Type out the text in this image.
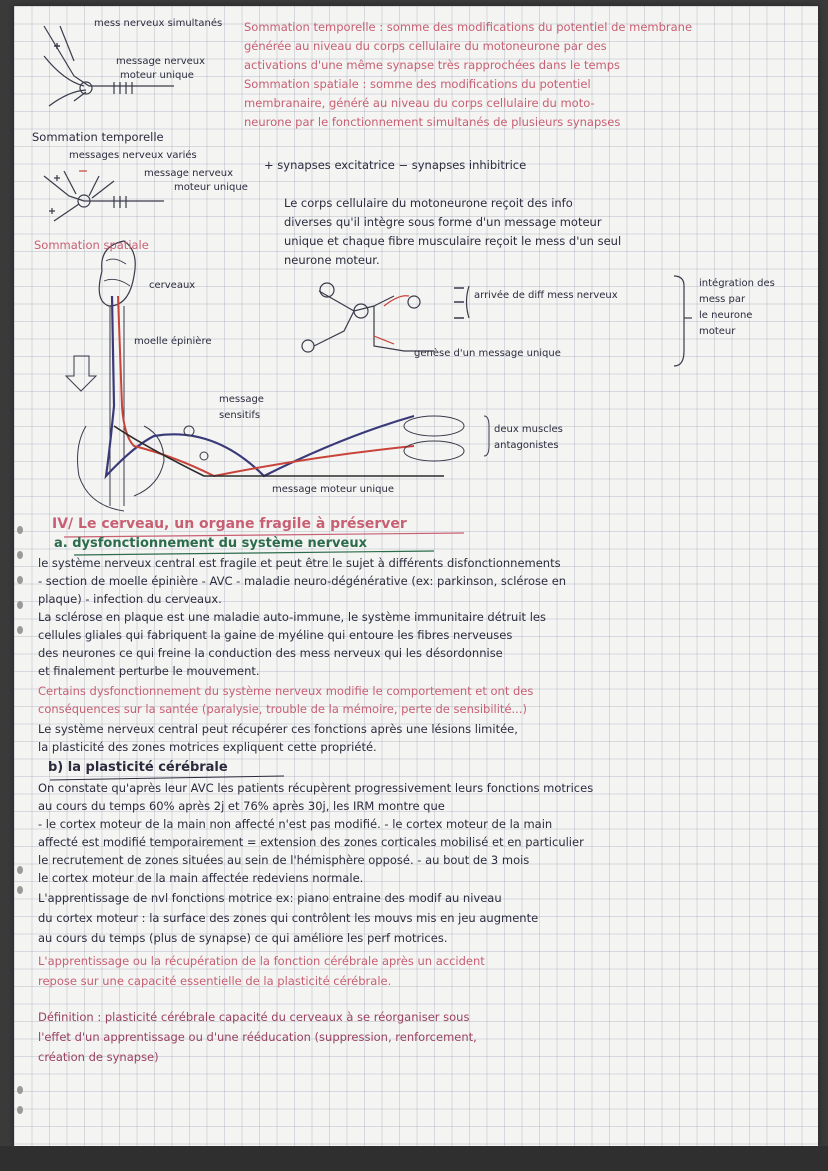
mess nerveux simultanés
message nerveux
moteur unique
Sommation temporelle
Sommation temporelle : somme des modifications du potentiel de membrane
générée au niveau du corps cellulaire du motoneurone par des
activations d'une même synapse très rapprochées dans le temps
Sommation spatiale : somme des modifications du potentiel
membranaire, généré au niveau du corps cellulaire du moto-
neurone par le fonctionnement simultanés de plusieurs synapses
messages nerveux variés
message nerveux
moteur unique
Sommation spatiale
+ synapses excitatrice − synapses inhibitrice
Le corps cellulaire du motoneurone reçoit des info
diverses qu'il intègre sous forme d'un message moteur
unique et chaque fibre musculaire reçoit le mess d'un seul
neurone moteur.
arrivée de diff mess nerveux
genèse d'un message unique
intégration des
mess par
le neurone
moteur
cerveaux
moelle épinière
message
sensitifs
deux muscles
antagonistes
message moteur unique
IV/ Le cerveau, un organe fragile à préserver
a. dysfonctionnement du système nerveux
le système nerveux central est fragile et peut être le sujet à différents disfonctionnements
- section de moelle épinière - AVC - maladie neuro-dégénérative (ex: parkinson, sclérose en
plaque) - infection du cerveaux.
La sclérose en plaque est une maladie auto-immune, le système immunitaire détruit les
cellules gliales qui fabriquent la gaine de myéline qui entoure les fibres nerveuses
des neurones ce qui freine la conduction des mess nerveux qui les désordonnise
et finalement perturbe le mouvement.
Certains dysfonctionnement du système nerveux modifie le comportement et ont des
conséquences sur la santée (paralysie, trouble de la mémoire, perte de sensibilité...)
Le système nerveux central peut récupérer ces fonctions après une lésions limitée,
la plasticité des zones motrices expliquent cette propriété.
b) la plasticité cérébrale
On constate qu'après leur AVC les patients récupèrent progressivement leurs fonctions motrices
au cours du temps 60% après 2j et 76% après 30j, les IRM montre que
- le cortex moteur de la main non affecté n'est pas modifié. - le cortex moteur de la main
affecté est modifié temporairement = extension des zones corticales mobilisé et en particulier
le recrutement de zones situées au sein de l'hémisphère opposé. - au bout de 3 mois
le cortex moteur de la main affectée redeviens normale.
L'apprentissage de nvl fonctions motrice ex: piano entraine des modif au niveau
du cortex moteur : la surface des zones qui contrôlent les mouvs mis en jeu augmente
au cours du temps (plus de synapse) ce qui améliore les perf motrices.
L'apprentissage ou la récupération de la fonction cérébrale après un accident
repose sur une capacité essentielle de la plasticité cérébrale.
Définition : plasticité cérébrale capacité du cerveaux à se réorganiser sous
l'effet d'un apprentissage ou d'une rééducation (suppression, renforcement,
création de synapse)
